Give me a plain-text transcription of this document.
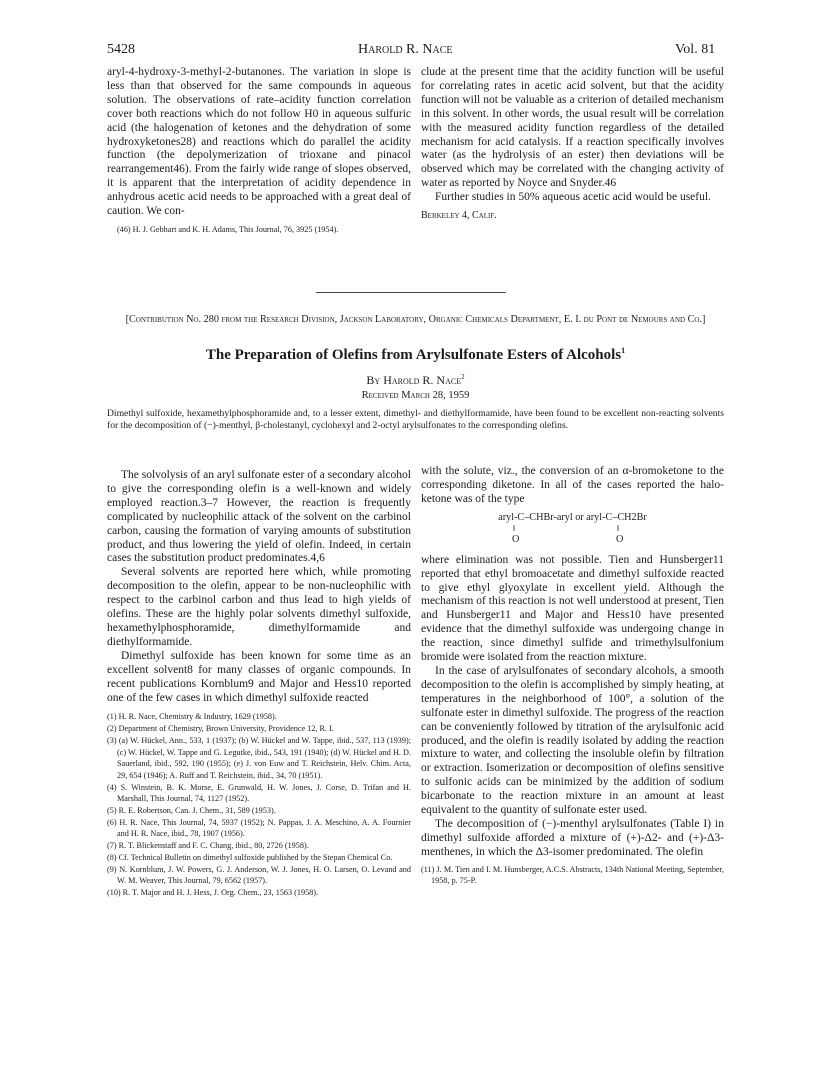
5428	Harold R. Nace	Vol. 81

aryl-4-hydroxy-3-methyl-2-butanones. The variation in slope is less than that observed for the same compounds in aqueous solution. The observations of rate–acidity function correlation cover both reactions which do not follow H0 in aqueous sulfuric acid (the halogenation of ketones and the dehydration of some hydroxyketones28) and reactions which do parallel the acidity function (the depolymerization of trioxane and pinacol rearrangement46). From the fairly wide range of slopes observed, it is apparent that the interpretation of acidity dependence in anhydrous acetic acid needs to be approached with a great deal of caution. We con-

(46) H. J. Gebhart and K. H. Adams, This Journal, 76, 3925 (1954).

clude at the present time that the acidity function will be useful for correlating rates in acetic acid solvent, but that the acidity function will not be valuable as a criterion of detailed mechanism in this solvent. In other words, the usual result will be correlation with the measured acidity function regardless of the detailed mechanism for acid catalysis. If a reaction specifically involves water (as the hydrolysis of an ester) then deviations will be observed which may be correlated with the changing activity of water as reported by Noyce and Snyder.46

Further studies in 50% aqueous acetic acid would be useful.

Berkeley 4, Calif.

[Contribution No. 280 from the Research Division, Jackson Laboratory, Organic Chemicals Department, E. I. du Pont de Nemours and Co.]
The Preparation of Olefins from Arylsulfonate Esters of Alcohols$^1$
By Harold R. Nace$^2$
Received March 28, 1959
Dimethyl sulfoxide, hexamethylphosphoramide and, to a lesser extent, dimethyl- and diethylformamide, have been found to be excellent non-reacting solvents for the decomposition of (−)-menthyl, β-cholestanyl, cyclohexyl and 2-octyl arylsulfonates to the corresponding olefins.

The solvolysis of an aryl sulfonate ester of a secondary alcohol to give the corresponding olefin is a well-known and widely employed reaction.3–7 However, the reaction is frequently complicated by nucleophilic attack of the solvent on the carbinol carbon, causing the formation of varying amounts of substitution product, and thus lowering the yield of olefin. Indeed, in certain cases the substitution product predominates.4,6

Several solvents are reported here which, while promoting decomposition to the olefin, appear to be non-nucleophilic with respect to the carbinol carbon and thus lead to high yields of olefins. These are the highly polar solvents dimethyl sulfoxide, hexamethylphosphoramide, dimethylformamide and diethylformamide.

Dimethyl sulfoxide has been known for some time as an excellent solvent8 for many classes of organic compounds. In recent publications Kornblum9 and Major and Hess10 reported one of the few cases in which dimethyl sulfoxide reacted

(1) H. R. Nace, Chemistry & Industry, 1629 (1958).

(2) Department of Chemistry, Brown University, Providence 12, R. I.

(3) (a) W. Hückel, Ann., 533, 1 (1937); (b) W. Hückel and W. Tappe, ibid., 537, 113 (1939); (c) W. Hückel, W. Tappe and G. Legutke, ibid., 543, 191 (1940); (d) W. Hückel and H. D. Sauerland, ibid., 592, 190 (1955); (e) J. von Euw and T. Reichstein, Helv. Chim. Acta, 29, 654 (1946); A. Ruff and T. Reichstein, ibid., 34, 70 (1951).

(4) S. Winstein, B. K. Morse, E. Grunwald, H. W. Jones, J. Corse, D. Trifan and H. Marshall, This Journal, 74, 1127 (1952).

(5) R. E. Robertson, Can. J. Chem., 31, 589 (1953).

(6) H. R. Nace, This Journal, 74, 5937 (1952); N. Pappas, J. A. Meschino, A. A. Fournier and H. R. Nace, ibid., 78, 1907 (1956).

(7) R. T. Blickenstaff and F. C. Chang, ibid., 80, 2726 (1958).

(8) Cf. Technical Bulletin on dimethyl sulfoxide published by the Stepan Chemical Co.

(9) N. Kornblum, J. W. Powers, G. J. Anderson, W. J. Jones, H. O. Larsen, O. Levand and W. M. Weaver, This Journal, 79, 6562 (1957).

(10) R. T. Major and H. J. Hess, J. Org. Chem., 23, 1563 (1958).

with the solute, viz., the conversion of an α-bromoketone to the corresponding diketone. In all of the cases reported the halo-ketone was of the type

aryl-C–CHBr-aryl or aryl-C–CH2Br
‖	‖
O	O

where elimination was not possible. Tien and Hunsberger11 reported that ethyl bromoacetate and dimethyl sulfoxide reacted to give ethyl glyoxylate in excellent yield. Although the mechanism of this reaction is not well understood at present, Tien and Hunsberger11 and Major and Hess10 have presented evidence that the dimethyl sulfoxide was undergoing change in the reaction, since dimethyl sulfide and trimethylsulfonium bromide were isolated from the reaction mixture.

In the case of arylsulfonates of secondary alcohols, a smooth decomposition to the olefin is accomplished by simply heating, at temperatures in the neighborhood of 100°, a solution of the sulfonate ester in dimethyl sulfoxide. The progress of the reaction can be conveniently followed by titration of the arylsulfonic acid produced, and the olefin is readily isolated by adding the reaction mixture to water, and collecting the insoluble olefin by filtration or extraction. Isomerization or decomposition of olefins sensitive to sulfonic acids can be minimized by the addition of sodium bicarbonate to the reaction mixture in an amount at least equivalent to the quantity of sulfonate ester used.

The decomposition of (−)-menthyl arylsulfonates (Table I) in dimethyl sulfoxide afforded a mixture of (+)-Δ2- and (+)-Δ3-menthenes, in which the Δ3-isomer predominated. The olefin

(11) J. M. Tien and I. M. Hunsberger, A.C.S. Abstracts, 134th National Meeting, September, 1958, p. 75-P.
